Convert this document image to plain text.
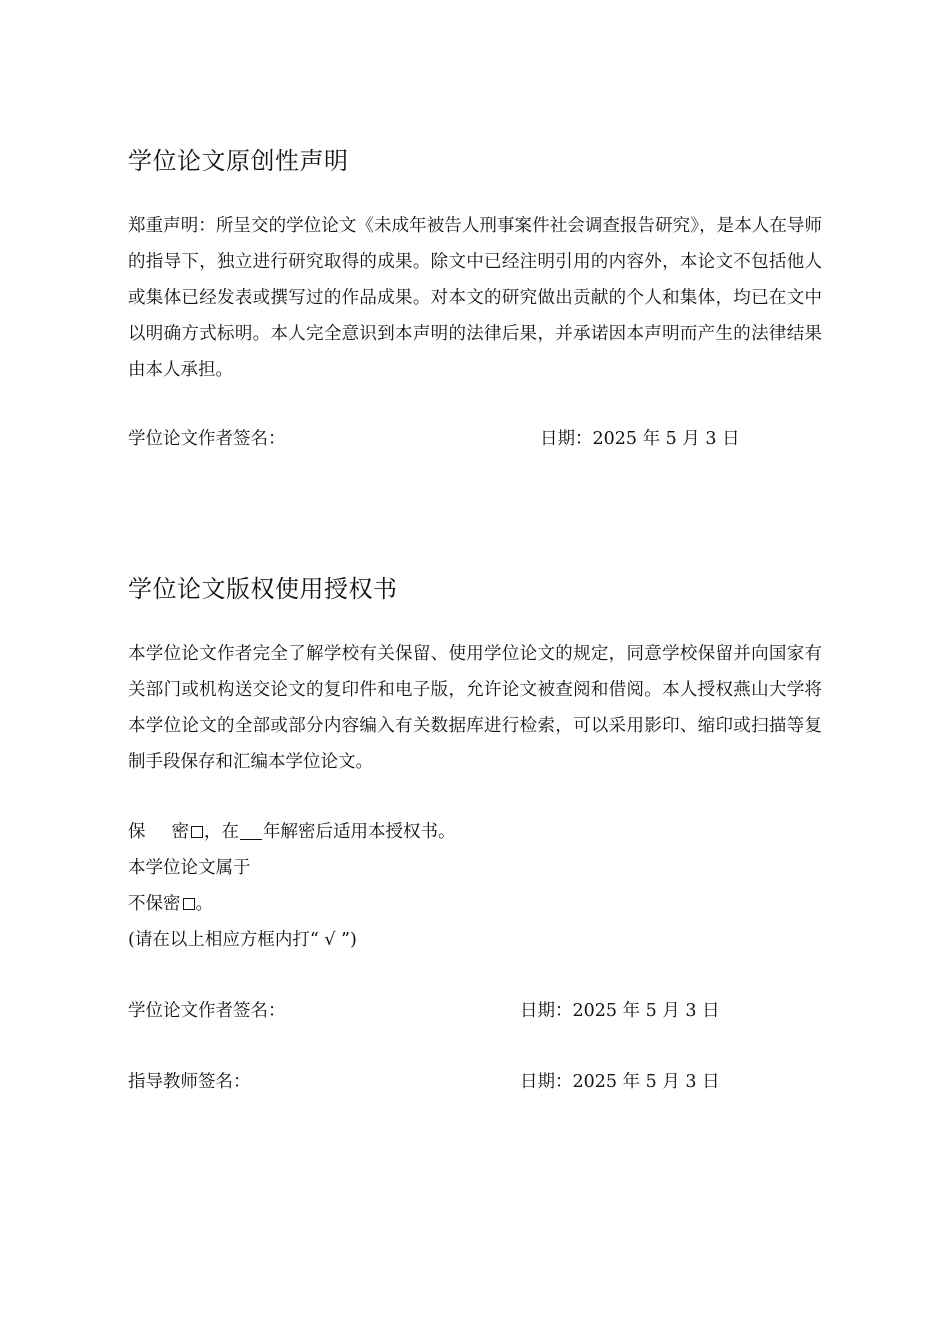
学位论文原创性声明

郑重声明：所呈交的学位论文《未成年被告人刑事案件社会调查报告研究》，是本人在导师的指导下，独立进行研究取得的成果。除文中已经注明引用的内容外，本论文不包括他人或集体已经发表或撰写过的作品成果。对本文的研究做出贡献的个人和集体，均已在文中以明确方式标明。本人完全意识到本声明的法律后果，并承诺因本声明而产生的法律结果由本人承担。

学位论文作者签名：	日期：2025 年 5 月 3 日
学位论文版权使用授权书

本学位论文作者完全了解学校有关保留、使用学位论文的规定，同意学校保留并向国家有关部门或机构送交论文的复印件和电子版，允许论文被查阅和借阅。本人授权燕山大学将本学位论文的全部或部分内容编入有关数据库进行检索，可以采用影印、缩印或扫描等复制手段保存和汇编本学位论文。

保 密 ，在 年解密后适用本授权书。
本学位论文属于
不保密 。
(请在以上相应方框内打“ √ ”)
学位论文作者签名：	日期：2025 年 5 月 3 日
指导教师签名：	日期：2025 年 5 月 3 日
